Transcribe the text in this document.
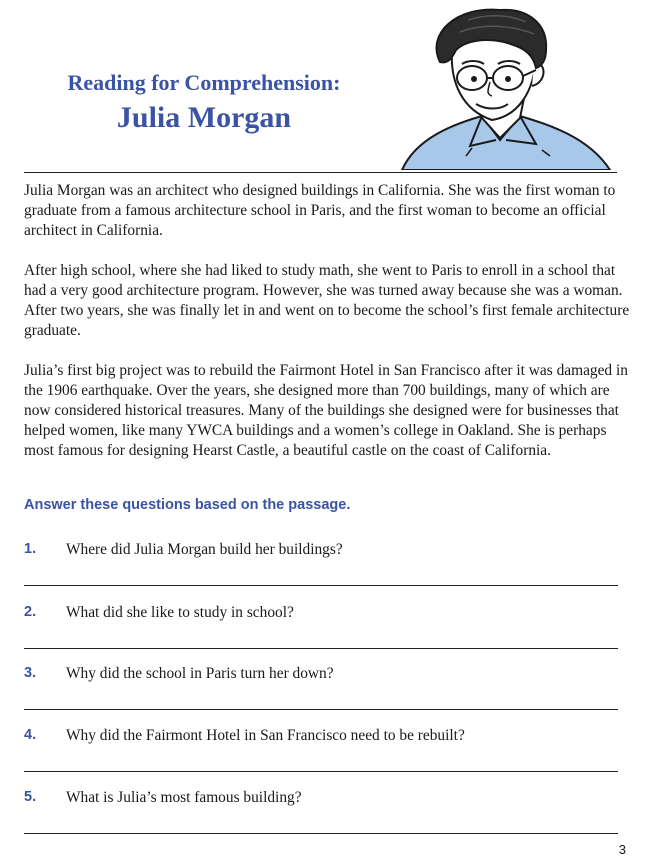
Reading for Comprehension:
Julia Morgan

Julia Morgan was an architect who designed buildings in California. She was the first woman to graduate from a famous architecture school in Paris, and the first woman to become an official architect in California.

After high school, where she had liked to study math, she went to Paris to enroll in a school that had a very good architecture program. However, she was turned away because she was a woman. After two years, she was finally let in and went on to become the school’s first female architecture graduate.

Julia’s first big project was to rebuild the Fairmont Hotel in San Francisco after it was damaged in the 1906 earthquake. Over the years, she designed more than 700 buildings, many of which are now considered historical treasures. Many of the buildings she designed were for businesses that helped women, like many YWCA buildings and a women’s college in Oakland. She is perhaps most famous for designing Hearst Castle, a beautiful castle on the coast of California.

Answer these questions based on the passage.
1. Where did Julia Morgan build her buildings?
2. What did she like to study in school?
3. Why did the school in Paris turn her down?
4. Why did the Fairmont Hotel in San Francisco need to be rebuilt?
5. What is Julia’s most famous building?
3
